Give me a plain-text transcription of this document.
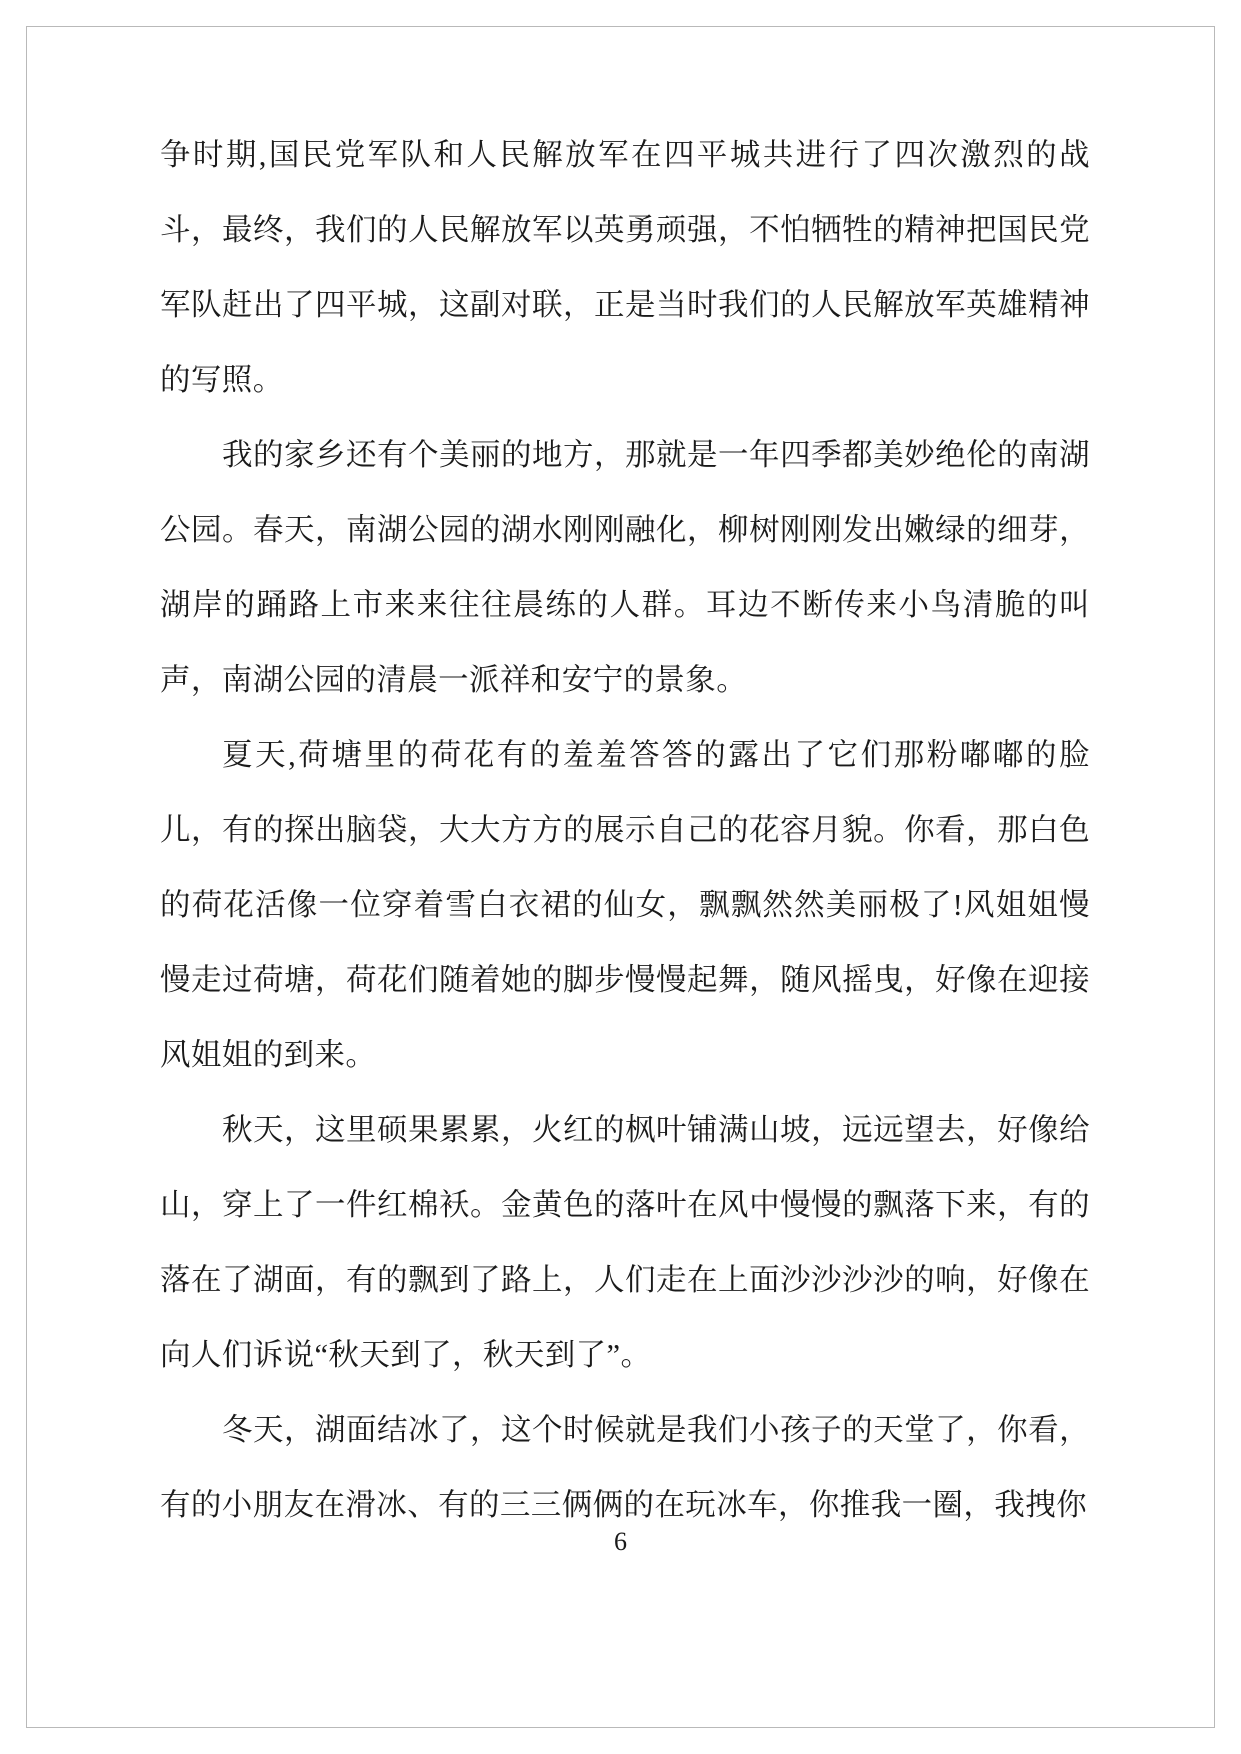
争时期,国民党军队和人民解放军在四平城共进行了四次激烈的战斗，最终，我们的人民解放军以英勇顽强，不怕牺牲的精神把国民党军队赶出了四平城，这副对联，正是当时我们的人民解放军英雄精神的写照。

我的家乡还有个美丽的地方，那就是一年四季都美妙绝伦的南湖公园。春天，南湖公园的湖水刚刚融化，柳树刚刚发出嫩绿的细芽，湖岸的踊路上市来来往往晨练的人群。耳边不断传来小鸟清脆的叫声，南湖公园的清晨一派祥和安宁的景象。

夏天,荷塘里的荷花有的羞羞答答的露出了它们那粉嘟嘟的脸儿，有的探出脑袋，大大方方的展示自己的花容月貌。你看，那白色的荷花活像一位穿着雪白衣裙的仙女，飘飘然然美丽极了!风姐姐慢慢走过荷塘，荷花们随着她的脚步慢慢起舞，随风摇曳，好像在迎接风姐姐的到来。

秋天，这里硕果累累，火红的枫叶铺满山坡，远远望去，好像给山，穿上了一件红棉袄。金黄色的落叶在风中慢慢的飘落下来，有的落在了湖面，有的飘到了路上，人们走在上面沙沙沙沙的响，好像在向人们诉说“秋天到了，秋天到了”。

冬天，湖面结冰了，这个时候就是我们小孩子的天堂了，你看，有的小朋友在滑冰、有的三三俩俩的在玩冰车，你推我一圈，我拽你

6
